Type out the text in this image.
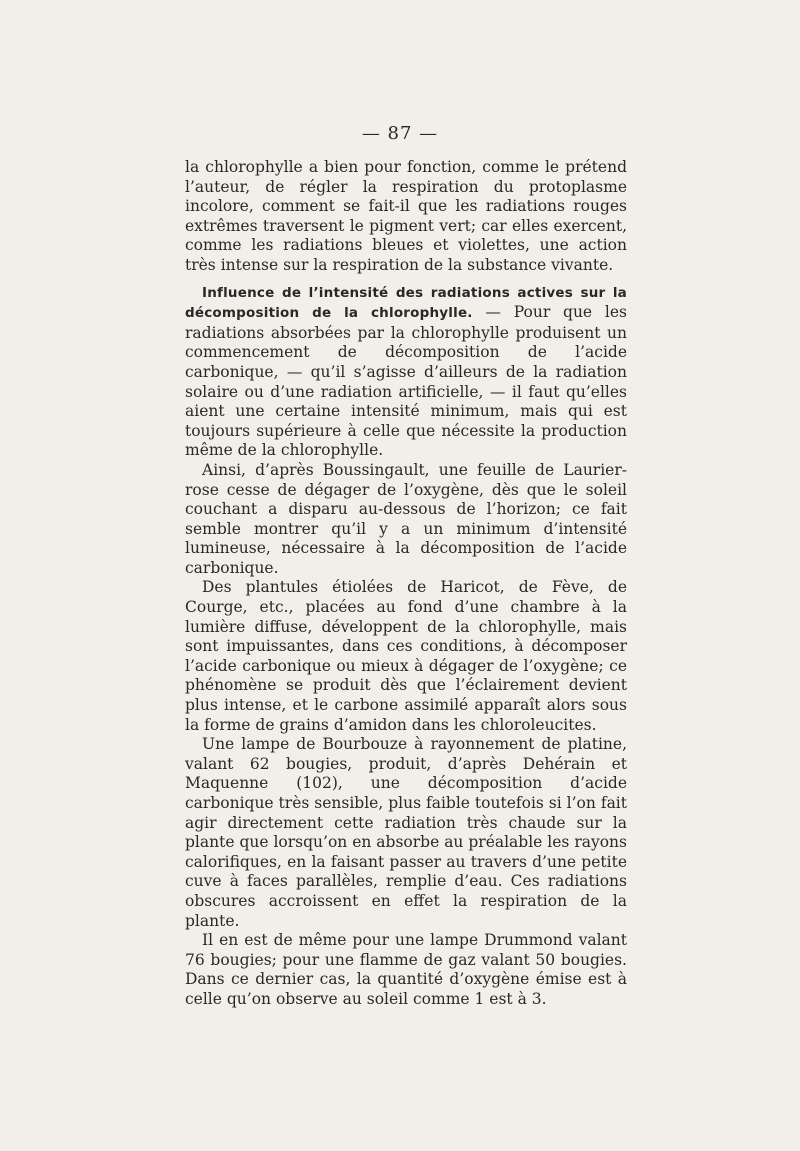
— 87 —

la chlorophylle a bien pour fonction, comme le prétend l’auteur, de régler la respiration du protoplasme incolore, comment se fait-il que les radiations rouges extrêmes traversent le pigment vert; car elles exercent, comme les radiations bleues et violettes, une action très intense sur la respiration de la substance vivante.

Influence de l’intensité des radiations actives sur la décomposition de la chlorophylle. — Pour que les radiations absorbées par la chlorophylle produisent un commencement de décomposition de l’acide carbonique, — qu’il s’agisse d’ailleurs de la radiation solaire ou d’une radiation artificielle, — il faut qu’elles aient une certaine intensité minimum, mais qui est toujours supérieure à celle que nécessite la production même de la chlorophylle.

Ainsi, d’après Boussingault, une feuille de Laurier-rose cesse de dégager de l’oxygène, dès que le soleil couchant a disparu au-dessous de l’horizon; ce fait semble montrer qu’il y a un minimum d’intensité lumineuse, nécessaire à la décomposition de l’acide carbonique.

Des plantules étiolées de Haricot, de Fève, de Courge, etc., placées au fond d’une chambre à la lumière diffuse, développent de la chlorophylle, mais sont impuissantes, dans ces conditions, à décomposer l’acide carbonique ou mieux à dégager de l’oxygène; ce phénomène se produit dès que l’éclairement devient plus intense, et le carbone assimilé apparaît alors sous la forme de grains d’amidon dans les chloroleucites.

Une lampe de Bourbouze à rayonnement de platine, valant 62 bougies, produit, d’après Dehérain et Maquenne (102), une décomposition d’acide carbonique très sensible, plus faible toutefois si l’on fait agir directement cette radiation très chaude sur la plante que lorsqu’on en absorbe au préalable les rayons calorifiques, en la faisant passer au travers d’une petite cuve à faces parallèles, remplie d’eau. Ces radiations obscures accroissent en effet la respiration de la plante.

Il en est de même pour une lampe Drummond valant 76 bougies; pour une flamme de gaz valant 50 bougies. Dans ce dernier cas, la quantité d’oxygène émise est à celle qu’on observe au soleil comme 1 est à 3.
